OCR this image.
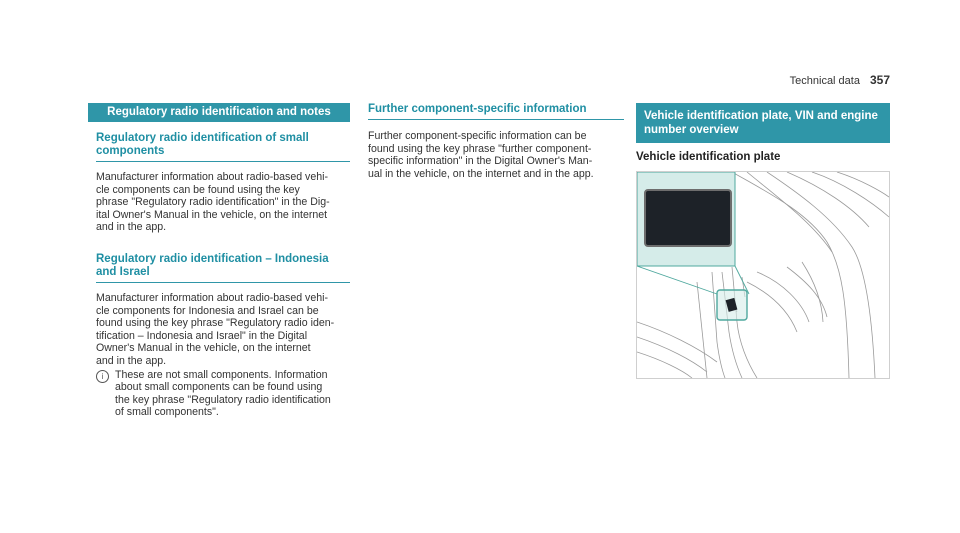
Technical data 357
Regulatory radio identification and notes
Regulatory radio identification of small components
Manufacturer information about radio-based vehi-
cle components can be found using the key
phrase "Regulatory radio identification" in the Dig-
ital Owner's Manual in the vehicle, on the internet
and in the app.
Regulatory radio identification – Indonesia and Israel
Manufacturer information about radio-based vehi-
cle components for Indonesia and Israel can be
found using the key phrase "Regulatory radio iden-
tification – Indonesia and Israel" in the Digital
Owner's Manual in the vehicle, on the internet
and in the app.
i	These are not small components. Information
about small components can be found using
the key phrase "Regulatory radio identification
of small components".
Further component-specific information
Further component-specific information can be
found using the key phrase "further component-
specific information" in the Digital Owner's Man-
ual in the vehicle, on the internet and in the app.
Vehicle identification plate, VIN and engine number overview
Vehicle identification plate
